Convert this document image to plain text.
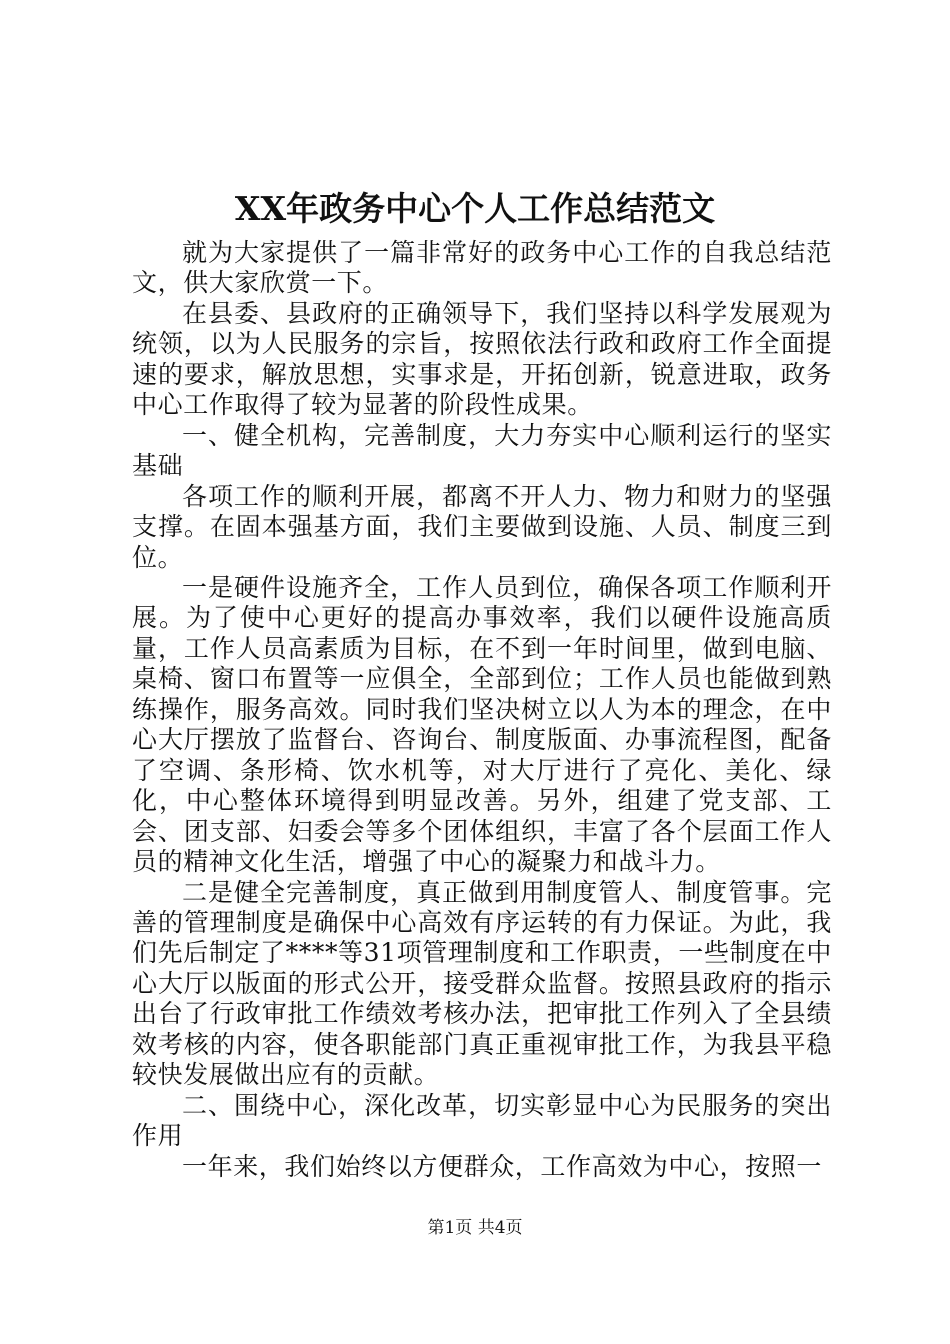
XX年政务中心个人工作总结范文

就为大家提供了一篇非常好的政务中心工作的自我总结范文，供大家欣赏一下。

在县委、县政府的正确领导下，我们坚持以科学发展观为统领，以为人民服务的宗旨，按照依法行政和政府工作全面提速的要求，解放思想，实事求是，开拓创新，锐意进取，政务中心工作取得了较为显著的阶段性成果。

一、健全机构，完善制度，大力夯实中心顺利运行的坚实基础

各项工作的顺利开展，都离不开人力、物力和财力的坚强支撑。在固本强基方面，我们主要做到设施、人员、制度三到位。

一是硬件设施齐全，工作人员到位，确保各项工作顺利开展。为了使中心更好的提高办事效率，我们以硬件设施高质量，工作人员高素质为目标，在不到一年时间里，做到电脑、桌椅、窗口布置等一应俱全，全部到位；工作人员也能做到熟练操作，服务高效。同时我们坚决树立以人为本的理念，在中心大厅摆放了监督台、咨询台、制度版面、办事流程图，配备了空调、条形椅、饮水机等，对大厅进行了亮化、美化、绿化，中心整体环境得到明显改善。另外，组建了党支部、工会、团支部、妇委会等多个团体组织，丰富了各个层面工作人员的精神文化生活，增强了中心的凝聚力和战斗力。

二是健全完善制度，真正做到用制度管人、制度管事。完善的管理制度是确保中心高效有序运转的有力保证。为此，我们先后制定了****等31项管理制度和工作职责，一些制度在中心大厅以版面的形式公开，接受群众监督。按照县政府的指示出台了行政审批工作绩效考核办法，把审批工作列入了全县绩效考核的内容，使各职能部门真正重视审批工作，为我县平稳较快发展做出应有的贡献。

二、围绕中心，深化改革，切实彰显中心为民服务的突出作用

一年来，我们始终以方便群众，工作高效为中心，按照一

第1页 共4页
